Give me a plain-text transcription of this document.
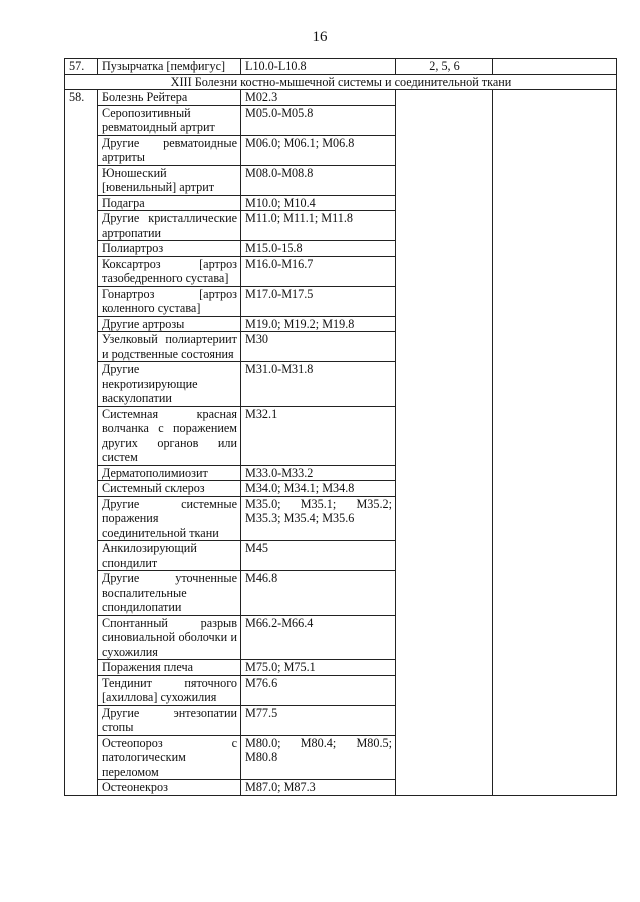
16
57.	Пузырчатка [пемфигус]	L10.0-L10.8	2, 5, 6	
XIII Болезни костно-мышечной системы и соединительной ткани				
58.	Болезнь Рейтера	M02.3		
	Серопозитивный ревматоидный артрит	M05.0-M05.8		
	Другие ревматоидные артриты	M06.0; M06.1; M06.8		
	Юношеский [ювенильный] артрит	M08.0-M08.8		
	Подагра	M10.0; M10.4		
	Другие кристаллические артропатии	M11.0; M11.1; M11.8		
	Полиартроз	M15.0-15.8		
	Коксартроз [артроз тазобедренного сустава]	M16.0-M16.7		
	Гонартроз [артроз коленного сустава]	M17.0-M17.5		
	Другие артрозы	M19.0; M19.2; M19.8		
	Узелковый полиартериит и родственные состояния	M30		
	Другие некротизирующие васкулопатии	M31.0-M31.8		
	Системная красная волчанка с поражением других органов или систем	M32.1		
	Дерматополимиозит	M33.0-M33.2		
	Системный склероз	M34.0; M34.1; M34.8		
	Другие системные поражения соединительной ткани	M35.0; M35.1; M35.2; M35.3; M35.4; M35.6		
	Анкилозирующий спондилит	M45		
	Другие уточненные воспалительные спондилопатии	M46.8		
	Спонтанный разрыв синовиальной оболочки и сухожилия	M66.2-M66.4		
	Поражения плеча	M75.0; M75.1		
	Тендинит пяточного [ахиллова] сухожилия	M76.6		
	Другие энтезопатии стопы	M77.5		
	Остеопороз с патологическим переломом	M80.0; M80.4; M80.5; M80.8		
	Остеонекроз	M87.0; M87.3		
